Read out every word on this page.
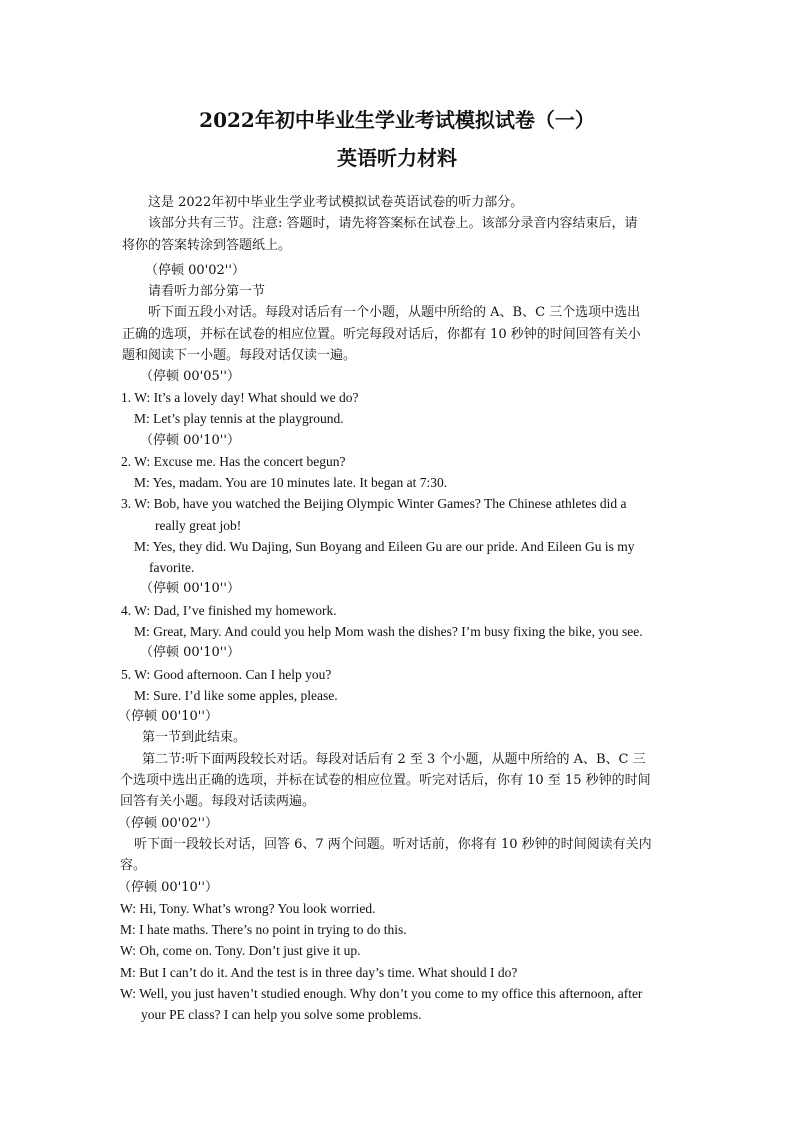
2022年初中毕业生学业考试模拟试卷（一）
英语听力材料
这是 2022年初中毕业生学业考试模拟试卷英语试卷的听力部分。
该部分共有三节。注意: 答题时，请先将答案标在试卷上。该部分录音内容结束后，请
将你的答案转涂到答题纸上。
（停顿 00'02''）
请看听力部分第一节
听下面五段小对话。每段对话后有一个小题，从题中所给的 A、B、C 三个选项中选出
正确的选项，并标在试卷的相应位置。听完每段对话后，你都有 10 秒钟的时间回答有关小
题和阅读下一小题。每段对话仅读一遍。
（停顿 00'05''）
1. W: It’s a lovely day! What should we do?
M: Let’s play tennis at the playground.
（停顿 00'10''）
2. W: Excuse me. Has the concert begun?
M: Yes, madam. You are 10 minutes late. It began at 7:30.
3. W: Bob, have you watched the Beijing Olympic Winter Games? The Chinese athletes did a
really great job!
M: Yes, they did. Wu Dajing, Sun Boyang and Eileen Gu are our pride. And Eileen Gu is my
favorite.
（停顿 00'10''）
4. W: Dad, I’ve finished my homework.
M: Great, Mary. And could you help Mom wash the dishes? I’m busy fixing the bike, you see.
（停顿 00'10''）
5. W: Good afternoon. Can I help you?
M: Sure. I’d like some apples, please.
（停顿 00'10''）
第一节到此结束。
第二节:听下面两段较长对话。每段对话后有 2 至 3 个小题，从题中所给的 A、B、C 三
个选项中选出正确的选项，并标在试卷的相应位置。听完对话后，你有 10 至 15 秒钟的时间
回答有关小题。每段对话读两遍。
（停顿 00'02''）
听下面一段较长对话，回答 6、7 两个问题。听对话前，你将有 10 秒钟的时间阅读有关内
容。
（停顿 00'10''）
W: Hi, Tony. What’s wrong? You look worried.
M: I hate maths. There’s no point in trying to do this.
W: Oh, come on. Tony. Don’t just give it up.
M: But I can’t do it. And the test is in three day’s time. What should I do?
W: Well, you just haven’t studied enough. Why don’t you come to my office this afternoon, after
your PE class? I can help you solve some problems.
